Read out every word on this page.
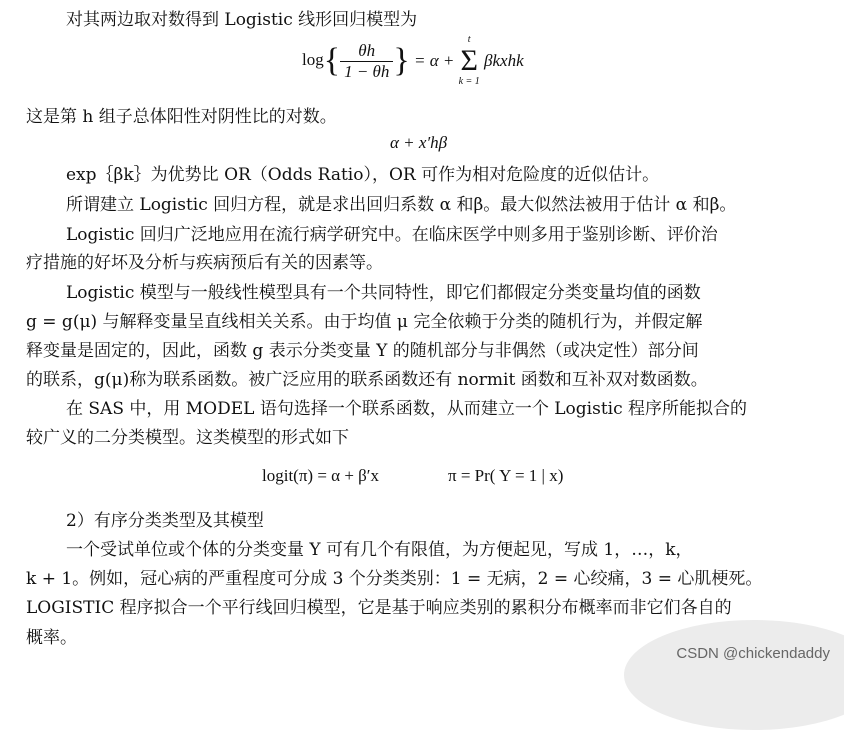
对其两边取对数得到 Logistic 线形回归模型为
$\log\{ \frac{\theta h}{1 - \theta h}$ } = α +
t
Σ
k = 1
βkxhk
这是第 h 组子总体阳性对阴性比的对数。
α + x′hβ
exp｛βk｝为优势比 OR（Odds Ratio），OR 可作为相对危险度的近似估计。
所谓建立 Logistic 回归方程，就是求出回归系数 α 和β。最大似然法被用于估计 α 和β。
Logistic 回归广泛地应用在流行病学研究中。在临床医学中则多用于鉴别诊断、评价治
疗措施的好坏及分析与疾病预后有关的因素等。
Logistic 模型与一般线性模型具有一个共同特性，即它们都假定分类变量均值的函数
g = g(μ) 与解释变量呈直线相关关系。由于均值 μ 完全依赖于分类的随机行为，并假定解
释变量是固定的，因此，函数 g 表示分类变量 Y 的随机部分与非偶然（或决定性）部分间
的联系，g(μ)称为联系函数。被广泛应用的联系函数还有 normit 函数和互补双对数函数。
在 SAS 中，用 MODEL 语句选择一个联系函数，从而建立一个 Logistic 程序所能拟合的
较广义的二分类模型。这类模型的形式如下
logit(π) = α + β′x	π = Pr( Y = 1 | x)
2）有序分类类型及其模型
一个受试单位或个体的分类变量 Y 可有几个有限值，为方便起见，写成 1，…，k，
k + 1。例如，冠心病的严重程度可分成 3 个分类类别：1 = 无病，2 = 心绞痛，3 = 心肌梗死。
LOGISTIC 程序拟合一个平行线回归模型，它是基于响应类别的累积分布概率而非它们各自的
概率。
CSDN @chickendaddy
